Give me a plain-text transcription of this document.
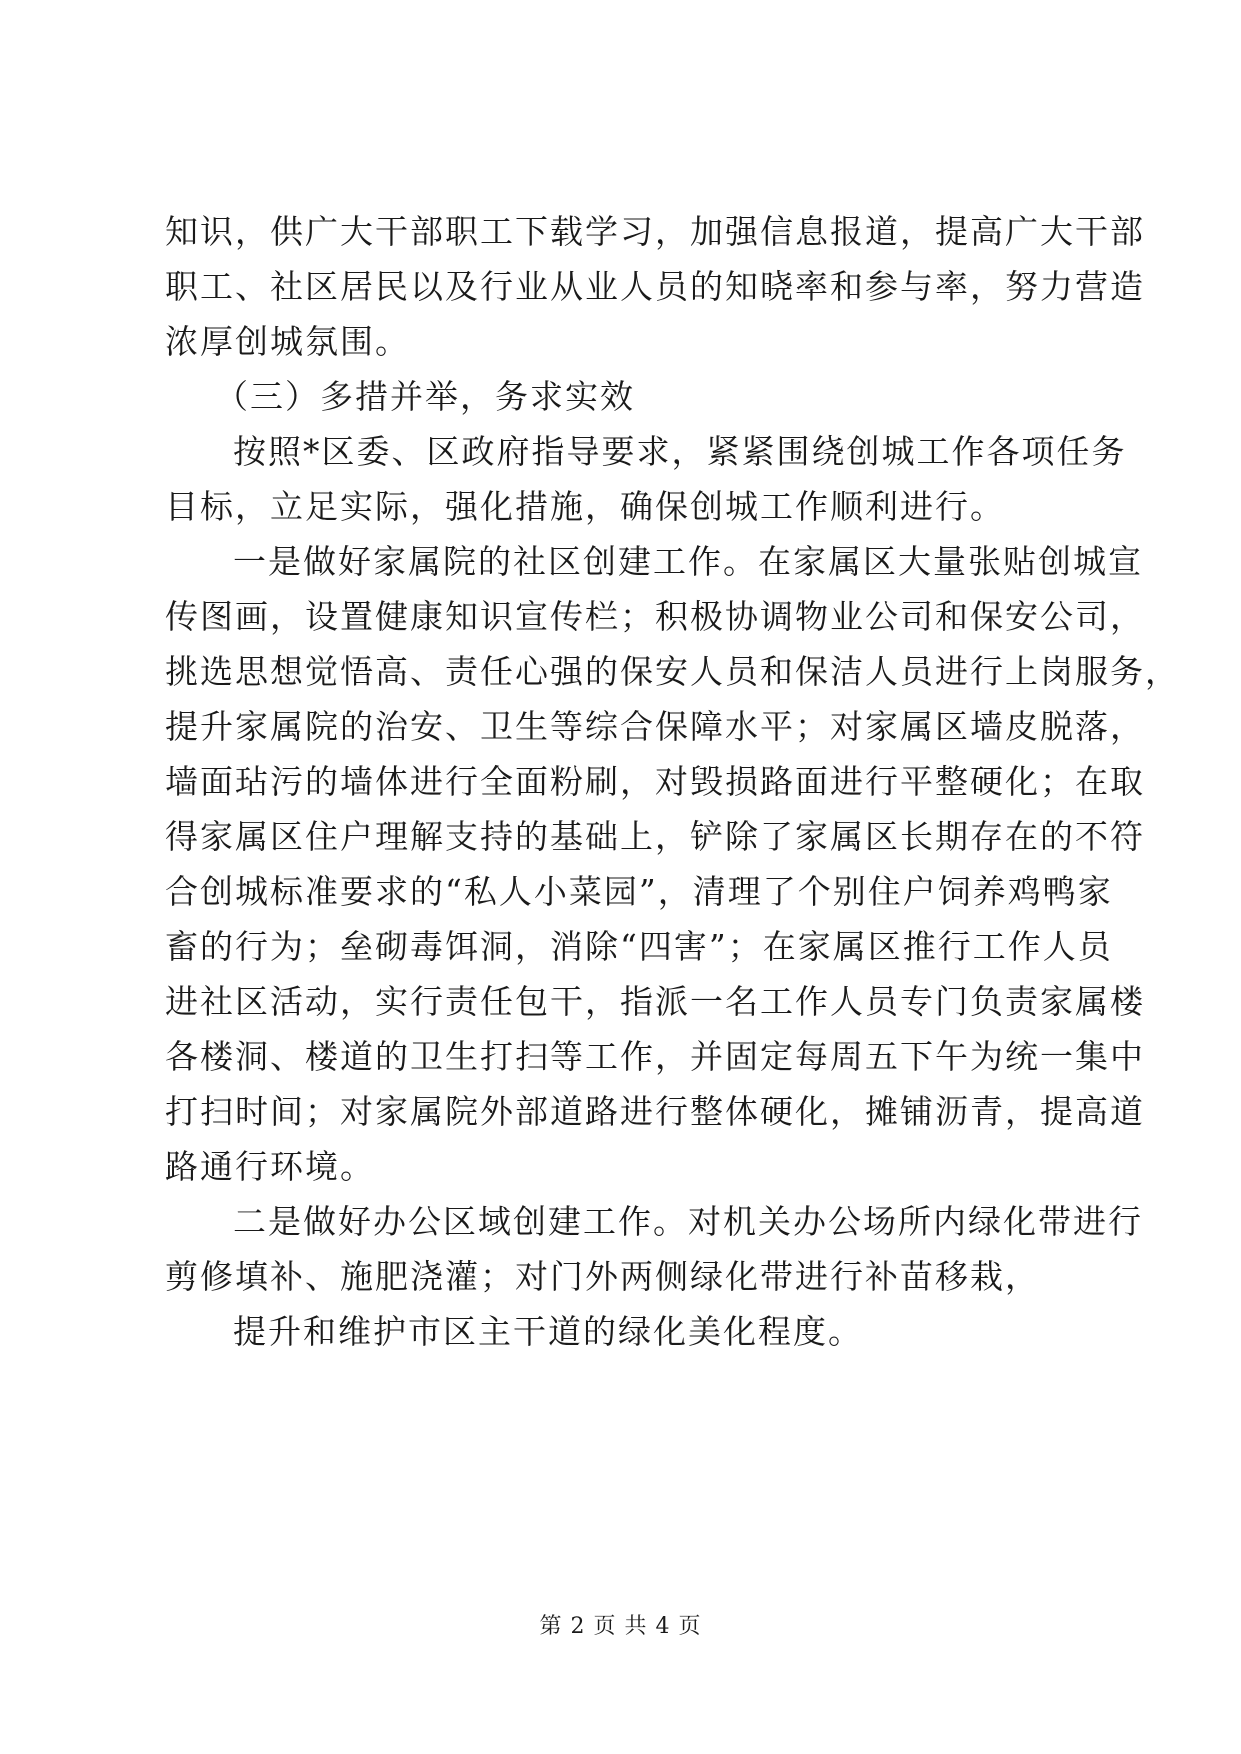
知识，供广大干部职工下载学习，加强信息报道，提高广大干部
职工、社区居民以及行业从业人员的知晓率和参与率，努力营造
浓厚创城氛围。
（三）多措并举，务求实效
按照*区委、区政府指导要求，紧紧围绕创城工作各项任务
目标，立足实际，强化措施，确保创城工作顺利进行。
一是做好家属院的社区创建工作。在家属区大量张贴创城宣
传图画，设置健康知识宣传栏；积极协调物业公司和保安公司，
挑选思想觉悟高、责任心强的保安人员和保洁人员进行上岗服务，
提升家属院的治安、卫生等综合保障水平；对家属区墙皮脱落，
墙面玷污的墙体进行全面粉刷，对毁损路面进行平整硬化；在取
得家属区住户理解支持的基础上，铲除了家属区长期存在的不符
合创城标准要求的“私人小菜园”，清理了个别住户饲养鸡鸭家
畜的行为；垒砌毒饵洞，消除“四害”；在家属区推行工作人员
进社区活动，实行责任包干，指派一名工作人员专门负责家属楼
各楼洞、楼道的卫生打扫等工作，并固定每周五下午为统一集中
打扫时间；对家属院外部道路进行整体硬化，摊铺沥青，提高道
路通行环境。
二是做好办公区域创建工作。对机关办公场所内绿化带进行
剪修填补、施肥浇灌；对门外两侧绿化带进行补苗移栽，
提升和维护市区主干道的绿化美化程度。
第 2 页 共 4 页
